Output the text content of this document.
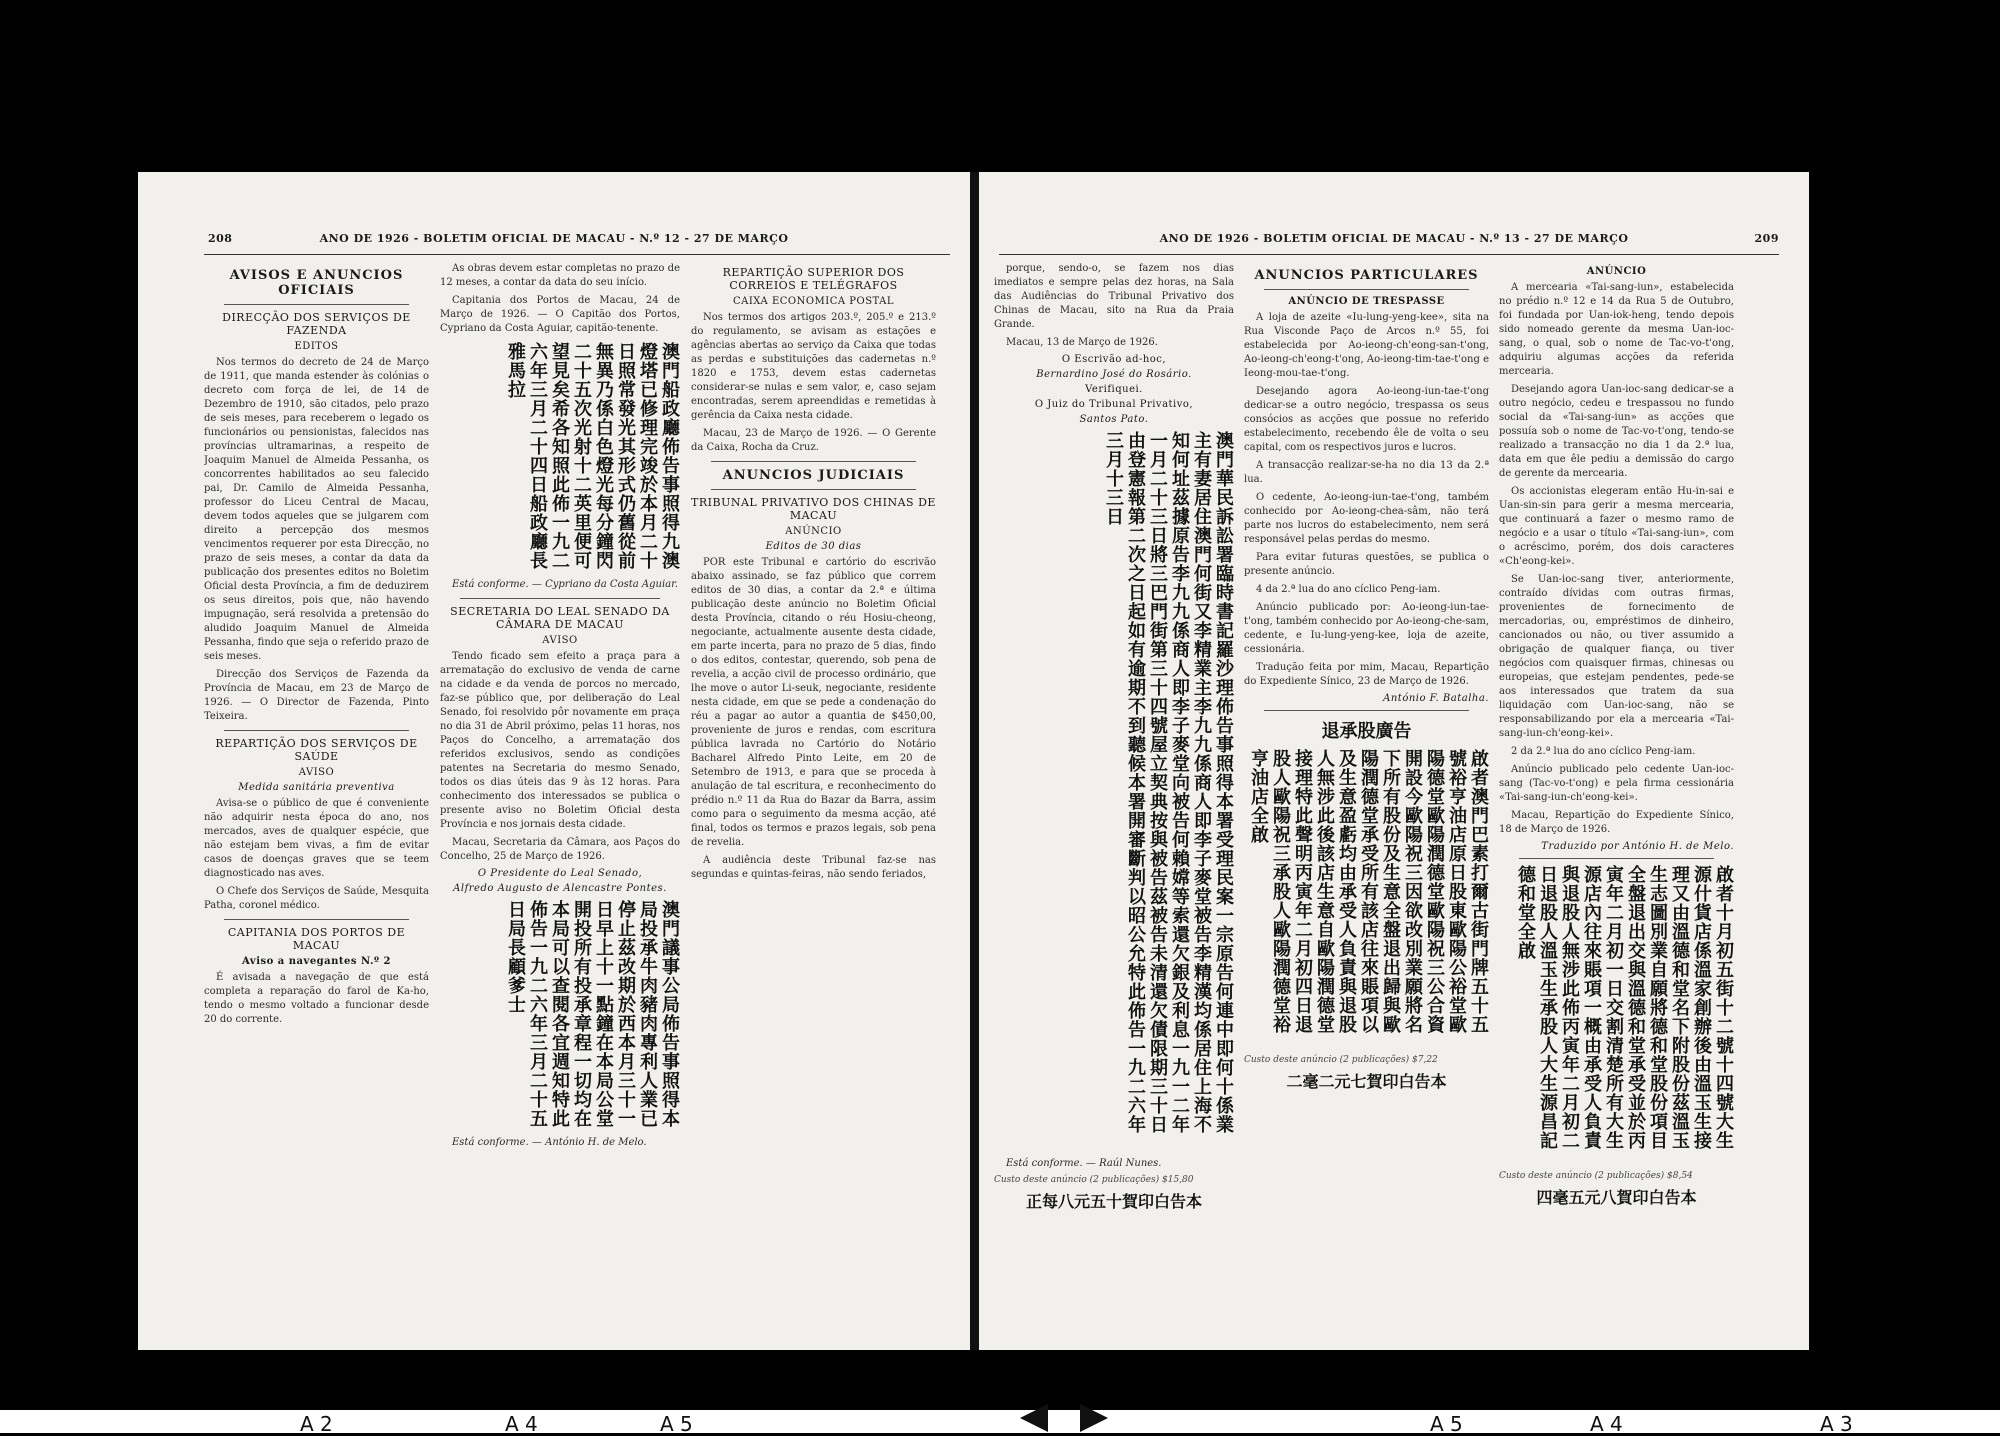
208	ANO DE 1926 - BOLETIM OFICIAL DE MACAU - N.º 12 - 27 DE MARÇO
AVISOS E ANUNCIOS OFICIAIS
DIRECÇÃO DOS SERVIÇOS DE FAZENDA
EDITOS

Nos termos do decreto de 24 de Março de 1911, que manda estender às colónias o decreto com força de lei, de 14 de Dezembro de 1910, são citados, pelo prazo de seis meses, para receberem o legado os funcionários ou pensionistas, falecidos nas províncias ultramarinas, a respeito de Joaquim Manuel de Almeida Pessanha, os concorrentes habilitados ao seu falecido pai, Dr. Camilo de Almeida Pessanha, professor do Liceu Central de Macau, devem todos aqueles que se julgarem com direito a percepção dos mesmos vencimentos requerer por esta Direcção, no prazo de seis meses, a contar da data da publicação dos presentes editos no Boletim Oficial desta Província, a fim de deduzirem os seus direitos, pois que, não havendo impugnação, será resolvida a pretensão do aludido Joaquim Manuel de Almeida Pessanha, findo que seja o referido prazo de seis meses.

Direcção dos Serviços de Fazenda da Província de Macau, em 23 de Março de 1926. — O Director de Fazenda, Pinto Teixeira.

REPARTIÇÃO DOS SERVIÇOS DE SAÚDE
AVISO
Medida sanitária preventiva

Avisa-se o público de que é conveniente não adquirir nesta época do ano, nos mercados, aves de qualquer espécie, que não estejam bem vivas, a fim de evitar casos de doenças graves que se teem diagnosticado nas aves.

O Chefe dos Serviços de Saúde, Mesquita Patha, coronel médico.

CAPITANIA DOS PORTOS DE MACAU
Aviso a navegantes N.º 2

É avisada a navegação de que está completa a reparação do farol de Ka-ho, tendo o mesmo voltado a funcionar desde 20 do corrente.

As obras devem estar completas no prazo de 12 meses, a contar da data do seu início.

Capitania dos Portos de Macau, 24 de Março de 1926. — O Capitão dos Portos, Cypriano da Costa Aguiar, capitão-tenente.

澳門船政廳佈告事照得九澳燈塔已修理完竣於本月二十日照常發光其形式仍舊從前無異乃係白色燈光每分鐘閃二十五次光射十二英里便可望見矣希各知照此佈一九二六年三月二十四日船政廳長雅馬拉

Está conforme. — Cypriano da Costa Aguiar.

SECRETARIA DO LEAL SENADO DA CÂMARA DE MACAU
AVISO

Tendo ficado sem efeito a praça para a arrematação do exclusivo de venda de carne na cidade e da venda de porcos no mercado, faz-se público que, por deliberação do Leal Senado, foi resolvido pôr novamente em praça no dia 31 de Abril próximo, pelas 11 horas, nos Paços do Concelho, a arrematação dos referidos exclusivos, sendo as condições patentes na Secretaria do mesmo Senado, todos os dias úteis das 9 às 12 horas. Para conhecimento dos interessados se publica o presente aviso no Boletim Oficial desta Província e nos jornais desta cidade.

Macau, Secretaria da Câmara, aos Paços do Concelho, 25 de Março de 1926.

O Presidente do Leal Senado,
Alfredo Augusto de Alencastre Pontes.
澳門議事公局佈告事照得本局投承牛肉豬肉專利人業已停止茲改期於西本月三十一日早上十一點鐘在本局公堂開投所有投承章程一切均在本局可以查閱各宜週知特此佈告一九二六年三月二十五日局長顧爹士

Está conforme. — António H. de Melo.

REPARTIÇÃO SUPERIOR DOS CORREIOS E TELÉGRAFOS
CAIXA ECONOMICA POSTAL

Nos termos dos artigos 203.º, 205.º e 213.º do regulamento, se avisam as estações e agências abertas ao serviço da Caixa que todas as perdas e substituições das cadernetas n.º 1820 e 1753, devem estas cadernetas considerar-se nulas e sem valor, e, caso sejam encontradas, serem apreendidas e remetidas à gerência da Caixa nesta cidade.

Macau, 23 de Março de 1926. — O Gerente da Caixa, Rocha da Cruz.

ANUNCIOS JUDICIAIS
TRIBUNAL PRIVATIVO DOS CHINAS DE MACAU
ANÚNCIO
Editos de 30 dias

POR este Tribunal e cartório do escrivão abaixo assinado, se faz público que correm editos de 30 dias, a contar da 2.ª e última publicação deste anúncio no Boletim Oficial desta Província, citando o réu Hosiu-cheong, negociante, actualmente ausente desta cidade, em parte incerta, para no prazo de 5 dias, findo o dos editos, contestar, querendo, sob pena de revelia, a acção civil de processo ordinário, que lhe move o autor Li-seuk, negociante, residente nesta cidade, em que se pede a condenação do réu a pagar ao autor a quantia de $450,00, proveniente de juros e rendas, com escritura pública lavrada no Cartório do Notário Bacharel Alfredo Pinto Leite, em 20 de Setembro de 1913, e para que se proceda à anulação de tal escritura, e reconhecimento do prédio n.º 11 da Rua do Bazar da Barra, assim como para o seguimento da mesma acção, até final, todos os termos e prazos legais, sob pena de revelia.

A audiência deste Tribunal faz-se nas segundas e quintas-feiras, não sendo feriados,

ANO DE 1926 - BOLETIM OFICIAL DE MACAU - N.º 13 - 27 DE MARÇO	209

porque, sendo-o, se fazem nos dias imediatos e sempre pelas dez horas, na Sala das Audiências do Tribunal Privativo dos Chinas de Macau, sito na Rua da Praia Grande.

Macau, 13 de Março de 1926.

O Escrivão ad-hoc,
Bernardino José do Rosário.
Verifiquei.
O Juiz do Tribunal Privativo,
Santos Pato.
澳門華民訴訟署臨時書記羅沙理佈告事照得本署受理民案一宗原告何連中即何十係業主有妻居住澳門何街又李精業主李九九係商人即李子麥堂被告李精漢均係居住上海不知何址茲據原告李九九係商人即李子麥堂向被告何賴嫦等索還欠銀及利息一九一二年一月二十三日將三巴門街第三十四號屋立契典按與被告茲被告未清還欠債限期三十日由登憲報第二次之日起如有逾期不到聽候本署開審斷判以昭公允特此佈告一九二六年三月十三日

Está conforme. — Raúl Nunes.

Custo deste anúncio (2 publicações) $15,80
正每八元五十賀印白告本
ANUNCIOS PARTICULARES
ANÚNCIO DE TRESPASSE

A loja de azeite «Iu-lung-yeng-kee», sita na Rua Visconde Paço de Arcos n.º 55, foi estabelecida por Ao-ieong-ch'eong-san-t'ong, Ao-ieong-ch'eong-t'ong, Ao-ieong-tim-tae-t'ong e Ieong-mou-tae-t'ong.

Desejando agora Ao-ieong-iun-tae-t'ong dedicar-se a outro negócio, trespassa os seus consócios as acções que possue no referido estabelecimento, recebendo êle de volta o seu capital, com os respectivos juros e lucros.

A transacção realizar-se-ha no dia 13 da 2.ª lua.

O cedente, Ao-ieong-iun-tae-t'ong, também conhecido por Ao-ieong-chea-sâm, não terá parte nos lucros do estabelecimento, nem será responsável pelas perdas do mesmo.

Para evitar futuras questões, se publica o presente anúncio.

4 da 2.ª lua do ano cíclico Peng-iam.

Anúncio publicado por: Ao-ieong-iun-tae-t'ong, também conhecido por Ao-ieong-che-sam, cedente, e Iu-lung-yeng-kee, loja de azeite, cessionária.

Tradução feita por mim, Macau, Repartição do Expediente Sínico, 23 de Março de 1926.

António F. Batalha.
退承股廣告
啟者澳門巴素打爾古街門牌五十五號裕亨油店原日股東歐陽公裕堂歐陽德堂歐陽潤德堂歐陽祝三公合資開設今歐陽祝三因欲改別業願將名下所有股份及生意全盤退出歸與歐陽潤德堂承受所有該店往來賬項以及生意盈虧均由承受人負責與退股人無涉此後該店生意自歐陽潤德堂接理特此聲明丙寅年二月初四日退股人歐陽祝三承股人歐陽潤德堂裕亨油店全啟
Custo deste anúncio (2 publicações) $7,22
二毫二元七賀印白告本
ANÚNCIO

A mercearia «Tai-sang-iun», estabelecida no prédio n.º 12 e 14 da Rua 5 de Outubro, foi fundada por Uan-iok-heng, tendo depois sido nomeado gerente da mesma Uan-ioc-sang, o qual, sob o nome de Tac-vo-t'ong, adquiriu algumas acções da referida mercearia.

Desejando agora Uan-ioc-sang dedicar-se a outro negócio, cedeu e trespassou no fundo social da «Tai-sang-iun» as acções que possuía sob o nome de Tac-vo-t'ong, tendo-se realizado a transacção no dia 1 da 2.ª lua, data em que êle pediu a demissão do cargo de gerente da mercearia.

Os accionistas elegeram então Hu-in-sai e Uan-sin-sin para gerir a mesma mercearia, que continuará a fazer o mesmo ramo de negócio e a usar o título «Tai-sang-iun», com o acréscimo, porém, dos dois caracteres «Ch'eong-kei».

Se Uan-ioc-sang tiver, anteriormente, contraído dívidas com outras firmas, provenientes de fornecimento de mercadorias, ou, empréstimos de dinheiro, cancionados ou não, ou tiver assumido a obrigação de qualquer fiança, ou tiver negócios com quaisquer firmas, chinesas ou europeias, que estejam pendentes, pede-se aos interessados que tratem da sua liquidação com Uan-ioc-sang, não se responsabilizando por ela a mercearia «Tai-sang-iun-ch'eong-kei».

2 da 2.ª lua do ano cíclico Peng-iam.

Anúncio publicado pelo cedente Uan-ioc-sang (Tac-vo-t'ong) e pela firma cessionária «Tai-sang-iun-ch'eong-kei».

Macau, Repartição do Expediente Sínico, 18 de Março de 1926.

Traduzido por António H. de Melo.
啟者十月初五街十二號十四號大生源什貨店係溫家創辦後由溫玉生接理又由溫德和堂名下附股份茲溫玉生志圖別業自願將德和堂股份項目全盤退出交與溫德和堂承受並於丙寅年二月初一日交割清楚所有大生源店內往來賬項一概由承受人負責與退股人無涉此佈丙寅年二月初二日退股人溫玉生承股人大生源昌記德和堂全啟
Custo deste anúncio (2 publicações) $8,54
四毫五元八賀印白告本
A 2	A 4	A 5	A 5	A 4	A 3
